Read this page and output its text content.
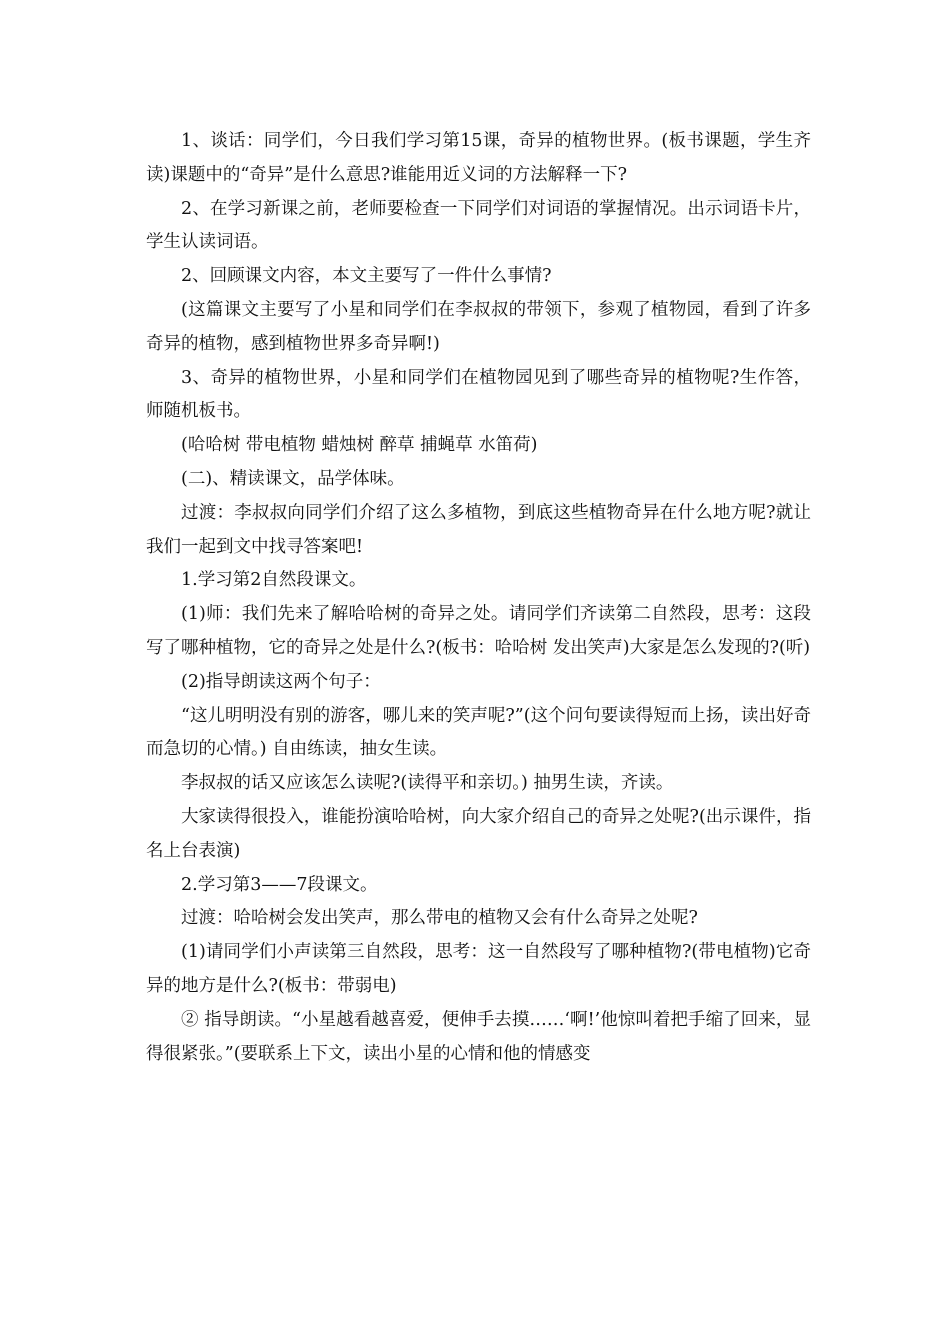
1、谈话：同学们，今日我们学习第15课，奇异的植物世界。(板书课题，学生齐读)课题中的“奇异”是什么意思?谁能用近义词的方法解释一下?

2、在学习新课之前，老师要检查一下同学们对词语的掌握情况。出示词语卡片，学生认读词语。

2、回顾课文内容，本文主要写了一件什么事情?

(这篇课文主要写了小星和同学们在李叔叔的带领下，参观了植物园，看到了许多奇异的植物，感到植物世界多奇异啊!)

3、奇异的植物世界，小星和同学们在植物园见到了哪些奇异的植物呢?生作答，师随机板书。

(哈哈树 带电植物 蜡烛树 醉草 捕蝇草 水笛荷)

(二)、精读课文，品学体味。

过渡：李叔叔向同学们介绍了这么多植物，到底这些植物奇异在什么地方呢?就让我们一起到文中找寻答案吧!

1.学习第2自然段课文。

(1)师：我们先来了解哈哈树的奇异之处。请同学们齐读第二自然段，思考：这段写了哪种植物，它的奇异之处是什么?(板书：哈哈树 发出笑声)大家是怎么发现的?(听)

(2)指导朗读这两个句子：

“这儿明明没有别的游客，哪儿来的笑声呢?”(这个问句要读得短而上扬，读出好奇而急切的心情。) 自由练读，抽女生读。

李叔叔的话又应该怎么读呢?(读得平和亲切。) 抽男生读，齐读。

大家读得很投入，谁能扮演哈哈树，向大家介绍自己的奇异之处呢?(出示课件，指名上台表演)

2.学习第3——7段课文。

过渡：哈哈树会发出笑声，那么带电的植物又会有什么奇异之处呢?

(1)请同学们小声读第三自然段，思考：这一自然段写了哪种植物?(带电植物)它奇异的地方是什么?(板书：带弱电)

② 指导朗读。“小星越看越喜爱，便伸手去摸……‘啊!’他惊叫着把手缩了回来，显得很紧张。”(要联系上下文，读出小星的心情和他的情感变
